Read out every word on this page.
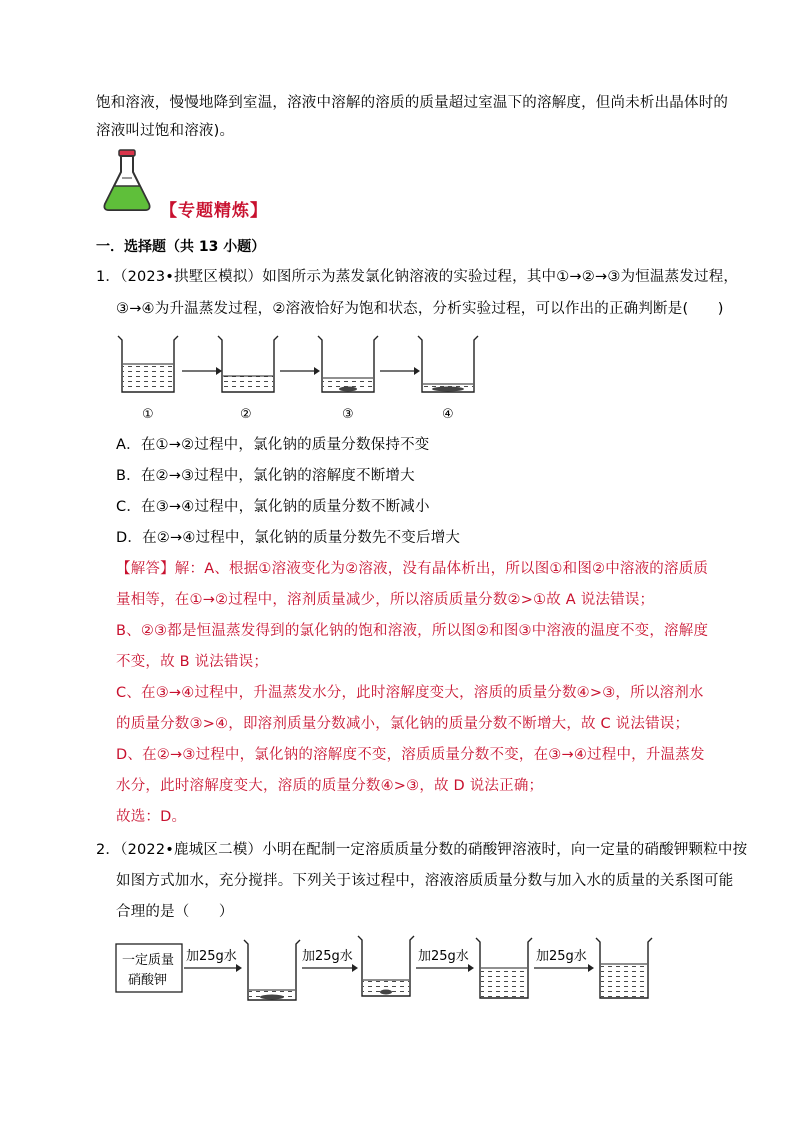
饱和溶液，慢慢地降到室温，溶液中溶解的溶质的质量超过室温下的溶解度，但尚未析出晶体时的
溶液叫过饱和溶液)。
【专题精炼】
一．选择题（共 13 小题）
1．（2023•拱墅区模拟）如图所示为蒸发氯化钠溶液的实验过程，其中①→②→③为恒温蒸发过程，
③→④为升温蒸发过程，②溶液恰好为饱和状态，分析实验过程，可以作出的正确判断是(　　)
①	②	③	④
A．在①→②过程中，氯化钠的质量分数保持不变
B．在②→③过程中，氯化钠的溶解度不断增大
C．在③→④过程中，氯化钠的质量分数不断减小
D．在②→④过程中，氯化钠的质量分数先不变后增大
【解答】解：A、根据①溶液变化为②溶液，没有晶体析出，所以图①和图②中溶液的溶质质
量相等，在①→②过程中，溶剂质量减少，所以溶质质量分数②>①故 A 说法错误；
B、②③都是恒温蒸发得到的氯化钠的饱和溶液，所以图②和图③中溶液的温度不变，溶解度
不变，故 B 说法错误；
C、在③→④过程中，升温蒸发水分，此时溶解度变大，溶质的质量分数④>③，所以溶剂水
的质量分数③>④，即溶剂质量分数减小，氯化钠的质量分数不断增大，故 C 说法错误；
D、在②→③过程中，氯化钠的溶解度不变，溶质质量分数不变，在③→④过程中，升温蒸发
水分，此时溶解度变大，溶质的质量分数④>③，故 D 说法正确；
故选：D。
2．（2022•鹿城区二模）小明在配制一定溶质质量分数的硝酸钾溶液时，向一定量的硝酸钾颗粒中按
如图方式加水，充分搅拌。下列关于该过程中，溶液溶质质量分数与加入水的质量的关系图可能
合理的是（　　）
一定质量
硝酸钾
加25g水	加25g水	加25g水	加25g水
